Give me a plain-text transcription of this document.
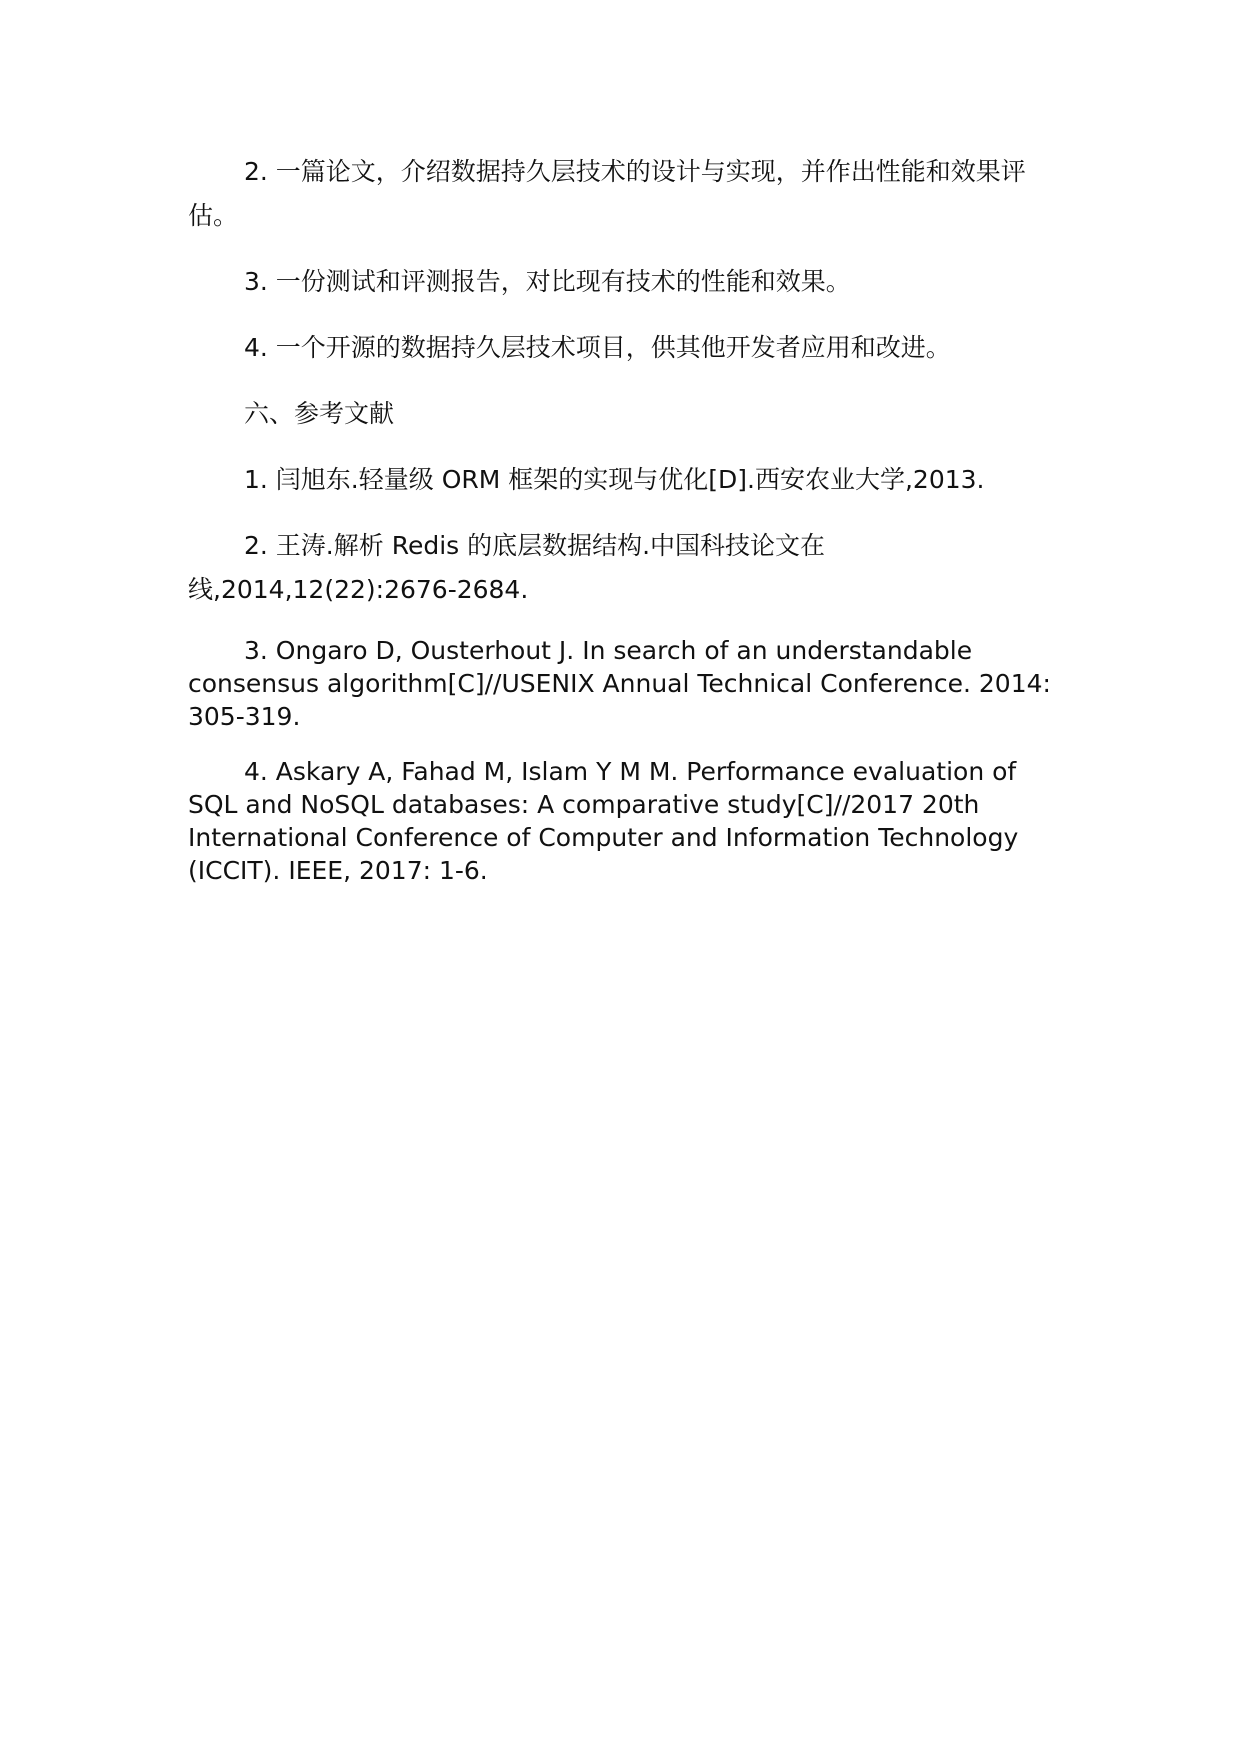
2. 一篇论文，介绍数据持久层技术的设计与实现，并作出性能和效果评估。

3. 一份测试和评测报告，对比现有技术的性能和效果。

4. 一个开源的数据持久层技术项目，供其他开发者应用和改进。

六、参考文献

1. 闫旭东.轻量级 ORM 框架的实现与优化[D].西安农业大学,2013.

2. 王涛.解析 Redis 的底层数据结构.中国科技论文在线,2014,12(22):2676-2684.

3. Ongaro D, Ousterhout J. In search of an understandable consensus algorithm[C]//USENIX Annual Technical Conference. 2014: 305-319.

4. Askary A, Fahad M, Islam Y M M. Performance evaluation of SQL and NoSQL databases: A comparative study[C]//2017 20th International Conference of Computer and Information Technology (ICCIT). IEEE, 2017: 1-6.
